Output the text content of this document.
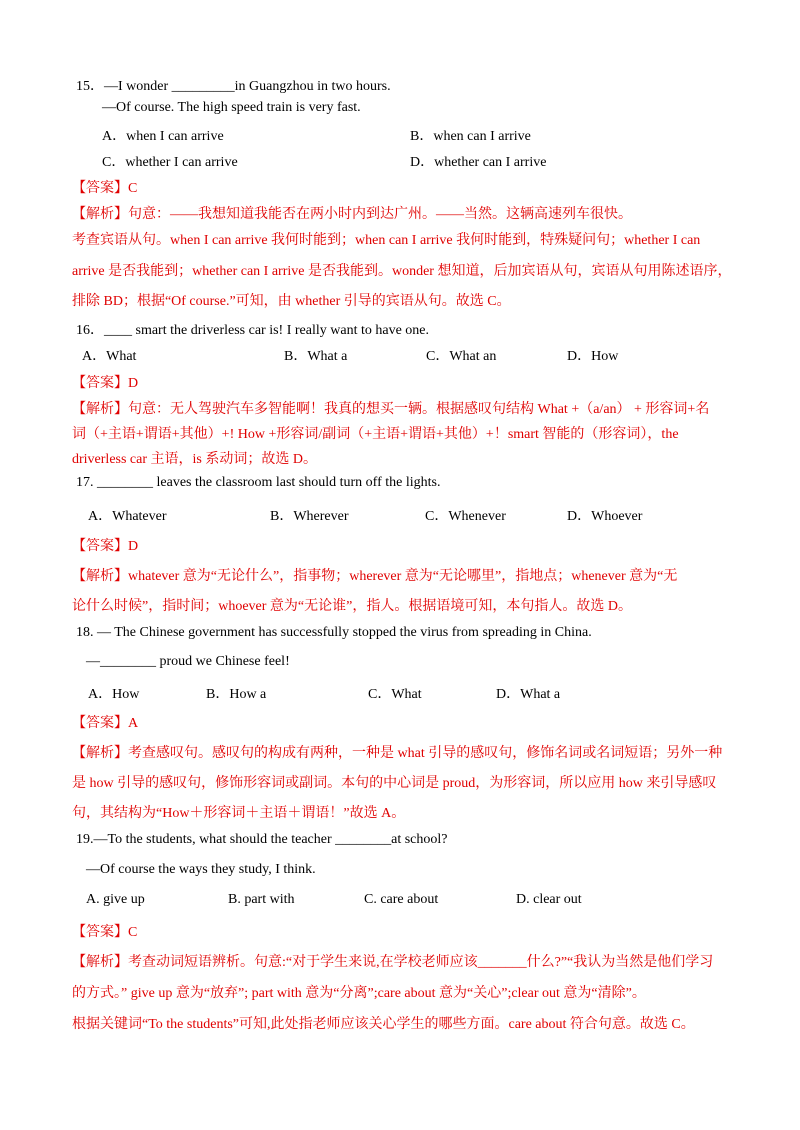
15．—I wonder _________in Guangzhou in two hours.
—Of course. The high speed train is very fast.
A．when I can arrive	B．when can I arrive
C．whether I can arrive	D．whether can I arrive
【答案】C
【解析】句意：——我想知道我能否在两小时内到达广州。——当然。这辆高速列车很快。
考查宾语从句。when I can arrive 我何时能到；when can I arrive 我何时能到，特殊疑问句；whether I can
arrive 是否我能到；whether can I arrive 是否我能到。wonder 想知道，后加宾语从句，宾语从句用陈述语序，
排除 BD；根据“Of course.”可知，由 whether 引导的宾语从句。故选 C。
16．____ smart the driverless car is! I really want to have one.
A．What	B．What a	C．What an	D．How
【答案】D
【解析】句意：无人驾驶汽车多智能啊！我真的想买一辆。根据感叹句结构 What +（a/an） + 形容词+名
词（+主语+谓语+其他）+! How +形容词/副词（+主语+谓语+其他）+！smart 智能的（形容词），the
driverless car 主语，is 系动词；故选 D。
17. ________ leaves the classroom last should turn off the lights.
A．Whatever	B．Wherever	C．Whenever	D．Whoever
【答案】D
【解析】whatever 意为“无论什么”，指事物；wherever 意为“无论哪里”，指地点；whenever 意为“无
论什么时候”，指时间；whoever 意为“无论谁”，指人。根据语境可知，本句指人。故选 D。
18. — The Chinese government has successfully stopped the virus from spreading in China.
—________ proud we Chinese feel!
A．How	B．How a	C．What	D．What a
【答案】A
【解析】考查感叹句。感叹句的构成有两种，一种是 what 引导的感叹句，修饰名词或名词短语；另外一种
是 how 引导的感叹句，修饰形容词或副词。本句的中心词是 proud，为形容词，所以应用 how 来引导感叹
句，其结构为“How＋形容词＋主语＋谓语！”故选 A。
19.—To the students, what should the teacher ________at school?
—Of course the ways they study, I think.
A. give up	B. part with	C. care about	D. clear out
【答案】C
【解析】考查动词短语辨析。句意:“对于学生来说,在学校老师应该_______什么?”“我认为当然是他们学习
的方式。” give up 意为“放弃”; part with 意为“分离”;care about 意为“关心”;clear out 意为“清除”。
根据关键词“To the students”可知,此处指老师应该关心学生的哪些方面。care about 符合句意。故选 C。
